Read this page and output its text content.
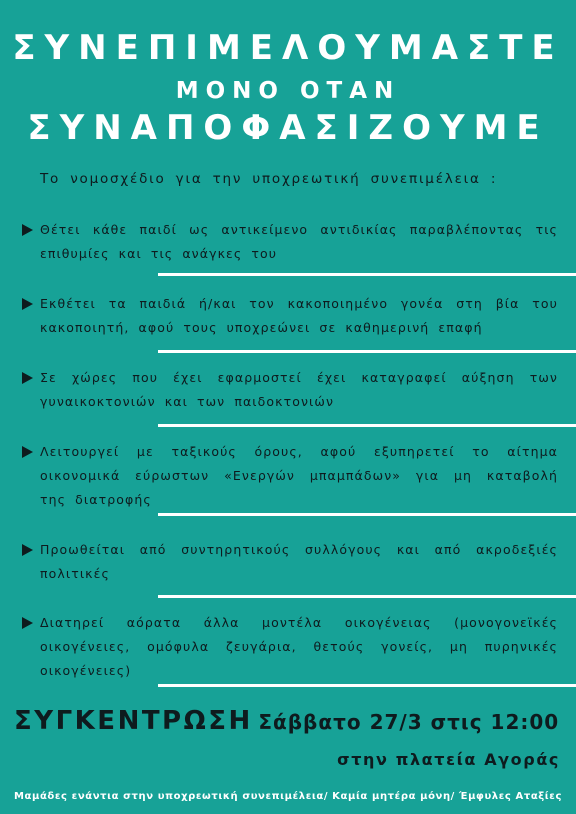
ΣΥΝΕΠΙΜΕΛΟΥΜΑΣΤΕ
ΜΟΝΟ ΟΤΑΝ
ΣΥΝΑΠΟΦΑΣΙΖΟΥΜΕ
Το νομοσχέδιο για την υποχρεωτική συνεπιμέλεια :
Θέτει κάθε παιδί ως αντικείμενο αντιδικίας παραβλέποντας τις επιθυμίες και τις ανάγκες του
Εκθέτει τα παιδιά ή/και τον κακοποιημένο γονέα στη βία του κακοποιητή, αφού τους υποχρεώνει σε καθημερινή επαφή
Σε χώρες που έχει εφαρμοστεί έχει καταγραφεί αύξηση των γυναικοκτονιών και των παιδοκτονιών
Λειτουργεί με ταξικούς όρους, αφού εξυπηρετεί το αίτημα οικονομικά εύρωστων «Ενεργών μπαμπάδων» για μη καταβολή της διατροφής
Προωθείται από συντηρητικούς συλλόγους και από ακροδεξιές πολιτικές
Διατηρεί αόρατα άλλα μοντέλα οικογένειας (μονογονεϊκές οικογένειες, ομόφυλα ζευγάρια, θετούς γονείς, μη πυρηνικές οικογένειες)
ΣΥΓΚΕΝΤΡΩΣΗ Σάββατο 27/3 στις 12:00
στην πλατεία Αγοράς
Μαμάδες ενάντια στην υποχρεωτική συνεπιμέλεια/ Καμία μητέρα μόνη/ Έμφυλες Αταξίες
